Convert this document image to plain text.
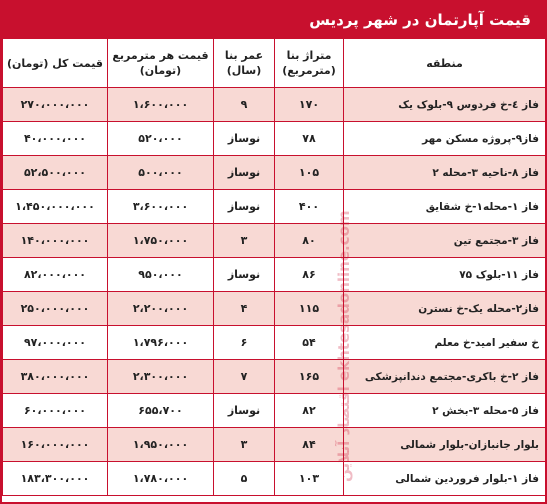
قیمت آپارتمان در شهر پردیس
منطقه	متراژ بنا (مترمربع)	عمر بنا (سال)	قیمت هر مترمربع (تومان)	قیمت کل (تومان)
فاز ٤-خ فردوس ٩-بلوک یک	۱۷۰	۹	۱،۶۰۰،۰۰۰	۲۷۰،۰۰۰،۰۰۰
فاز۹-پروژه مسکن مهر	۷۸	نوساز	۵۲۰،۰۰۰	۴۰،۰۰۰،۰۰۰
فاز ۸-ناحیه ۳-محله ۲	۱۰۵	نوساز	۵۰۰،۰۰۰	۵۲،۵۰۰،۰۰۰
فاز ۱-محله۱-خ شقایق	۴۰۰	نوساز	۳،۶۰۰،۰۰۰	۱،۴۵۰،۰۰۰،۰۰۰
فاز ۳-مجتمع تین	۸۰	۳	۱،۷۵۰،۰۰۰	۱۴۰،۰۰۰،۰۰۰
فاز ۱۱-بلوک ۷۵	۸۶	نوساز	۹۵۰،۰۰۰	۸۲،۰۰۰،۰۰۰
فاز۲-محله یک-خ نسترن	۱۱۵	۴	۲،۲۰۰،۰۰۰	۲۵۰،۰۰۰،۰۰۰
خ سفیر امید-خ معلم	۵۴	۶	۱،۷۹۶،۰۰۰	۹۷،۰۰۰،۰۰۰
فاز ۲-خ باکری-مجتمع دندانپزشکی	۱۶۵	۷	۲،۳۰۰،۰۰۰	۳۸۰،۰۰۰،۰۰۰
فاز ۵-محله ۳-بخش ۲	۸۲	نوساز	۶۵۵،۷۰۰	۶۰،۰۰۰،۰۰۰
بلوار جانبازان-بلوار شمالی	۸۴	۳	۱،۹۵۰،۰۰۰	۱۶۰،۰۰۰،۰۰۰
فاز ۱-بلوار فروردین شمالی	۱۰۳	۵	۱،۷۸۰،۰۰۰	۱۸۳،۳۰۰،۰۰۰	اقتصاد آنلاین ekhtesadonline.com
